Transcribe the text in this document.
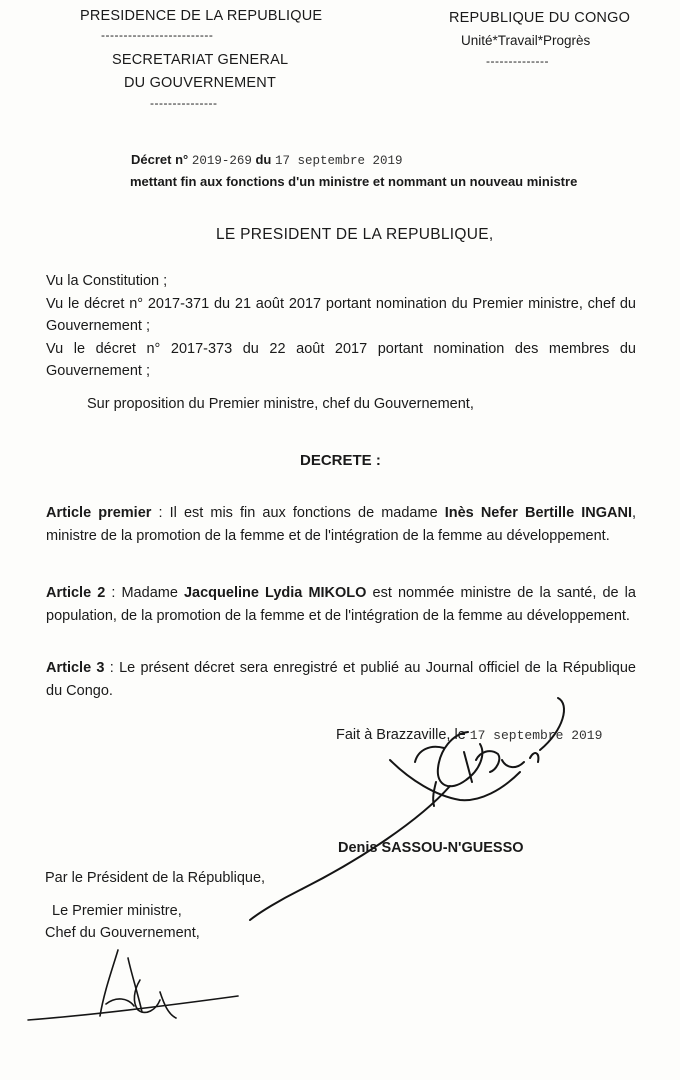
PRESIDENCE DE LA REPUBLIQUE
-------------------------
SECRETARIAT GENERAL
DU GOUVERNEMENT
---------------
REPUBLIQUE DU CONGO
Unité*Travail*Progrès
--------------
Décret n° 2019-269 du 17 septembre 2019
mettant fin aux fonctions d'un ministre et nommant un nouveau ministre
LE PRESIDENT DE LA REPUBLIQUE,
Vu la Constitution ;
Vu le décret n° 2017-371 du 21 août 2017 portant nomination du Premier ministre, chef du Gouvernement ;
Vu le décret n° 2017-373 du 22 août 2017 portant nomination des membres du Gouvernement ;
Sur proposition du Premier ministre, chef du Gouvernement,
DECRETE :
Article premier : Il est mis fin aux fonctions de madame Inès Nefer Bertille INGANI, ministre de la promotion de la femme et de l'intégration de la femme au développement.
Article 2 : Madame Jacqueline Lydia MIKOLO est nommée ministre de la santé, de la population, de la promotion de la femme et de l'intégration de la femme au développement.
Article 3 : Le présent décret sera enregistré et publié au Journal officiel de la République du Congo.
Fait à Brazzaville, le 17 septembre 2019
Denis SASSOU-N'GUESSO
Par le Président de la République,
Le Premier ministre,
Chef du Gouvernement,
